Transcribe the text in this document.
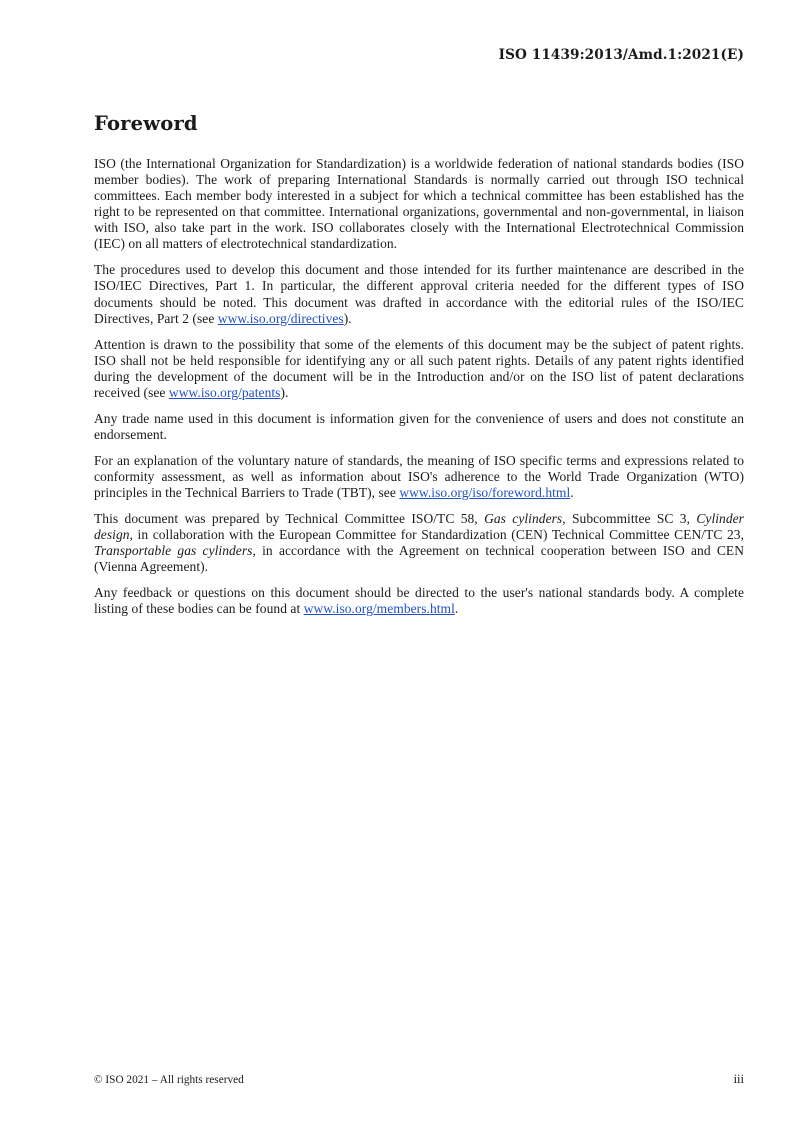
ISO 11439:2013/Amd.1:2021(E)

Foreword

ISO (the International Organization for Standardization) is a worldwide federation of national standards bodies (ISO member bodies). The work of preparing International Standards is normally carried out through ISO technical committees. Each member body interested in a subject for which a technical committee has been established has the right to be represented on that committee. International organizations, governmental and non-governmental, in liaison with ISO, also take part in the work. ISO collaborates closely with the International Electrotechnical Commission (IEC) on all matters of electrotechnical standardization.

The procedures used to develop this document and those intended for its further maintenance are described in the ISO/IEC Directives, Part 1. In particular, the different approval criteria needed for the different types of ISO documents should be noted. This document was drafted in accordance with the editorial rules of the ISO/IEC Directives, Part 2 (see www.iso.org/directives).

Attention is drawn to the possibility that some of the elements of this document may be the subject of patent rights. ISO shall not be held responsible for identifying any or all such patent rights. Details of any patent rights identified during the development of the document will be in the Introduction and/or on the ISO list of patent declarations received (see www.iso.org/patents).

Any trade name used in this document is information given for the convenience of users and does not constitute an endorsement.

For an explanation of the voluntary nature of standards, the meaning of ISO specific terms and expressions related to conformity assessment, as well as information about ISO's adherence to the World Trade Organization (WTO) principles in the Technical Barriers to Trade (TBT), see www.iso.org/iso/foreword.html.

This document was prepared by Technical Committee ISO/TC 58, Gas cylinders, Subcommittee SC 3, Cylinder design, in collaboration with the European Committee for Standardization (CEN) Technical Committee CEN/TC 23, Transportable gas cylinders, in accordance with the Agreement on technical cooperation between ISO and CEN (Vienna Agreement).

Any feedback or questions on this document should be directed to the user's national standards body. A complete listing of these bodies can be found at www.iso.org/members.html.

© ISO 2021 – All rights reserved	iii
